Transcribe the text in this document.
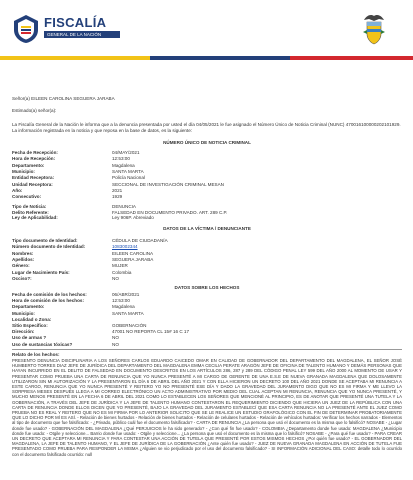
FISCALÍA
GENERAL DE LA NACIÓN

Señor(a) EILEEN CAROLINA SEGUERA JARABA

Estimado(a) señor(a):

La Fiscalía General de la Nación le informa que a la denuncia presentada por usted el día 04/05/2021 le fue asignado el Número Único de Noticia Criminal (NUNC) 470016100000202101929. La información registrada en la noticia y que reposa en la base de datos, es la siguiente:

NÚMERO ÚNICO DE NOTICIA CRIMINAL
Fecha de Recepción:	04/MAY/2021
Hora de Recepción:	12:53:00
Departamento:	Magdalena
Municipio:	SANTA MARTA
Entidad Receptora:	Policía Nacional
Unidad Receptora:	SECCIONAL DE INVESTIGACIÓN CRIMINAL MESAN
Año:	2021
Consecutivo:	1929
Tipo de Noticia:	DENUNCIA
Delito Referente:	FALSEDAD EN DOCUMENTO PRIVADO. ART. 289 C.P.
Ley de Aplicabilidad:	Ley 906P. Abreviado
DATOS DE LA VÍCTIMA / DENUNCIANTE
Tipo documento de Identidad:	CÉDULA DE CIUDADANÍA
Número documento de Identidad:	1083002344
Nombres:	EILEEN CAROLINA
Apellidos:	SEGUERA JARABA
Género:	MUJER
Lugar de Nacimiento País:	Colombia
Occiso?:	NO
DATOS SOBRE LOS HECHOS
Fecha de comisión de los hechos:	06/ABR/2021
Hora de comisión de los hechos:	12:53:00
Departamento:	Magdalena
Municipio:	SANTA MARTA
Localidad o Zona:
Sitio Específico:	GOBERNACIÓN
Dirección:	47001 NO REPORTA CL 15# 16 C 17
Uso de armas ?	NO
Uso de sustancias tóxicas?	NO
Relato de los hechos:
PRESENTO DENUNCIA DISCIPLINARIA A LOS SEÑORES CARLOS EDUARDO CAICEDO OMAR EN CALIDAD DE GOBERNADOR DEL DEPARTAMENTO DEL MAGDALENA, EL SEÑOR JOSÉ HUMBERTO TORRES DIAZ JEFE DE JURÍDICA DEL DEPARTAMENTO DEL MAGDALENA EMMA CECILIA PERATE ARAGÓN JEFE DE OFICINA DE TALENTO HUMANO Y DEMÁS PERSONAS QUE HAYAN INCURRIDO EN EL DELITO DE FALSEDAD EN DOCUMENTO DESCRITOS EN LOS ARTÍCULOS 286, 287 y 289 DEL CÓDIGO PENAL LEY 599 DEL AÑO 2000 AL MOMENTO DE USAR Y PRESENTAR COMO PRUEBA UNA CARTA DE RENUNCIA QUE YO NUNCA PRESENTÉ A MI CARGO DE GERENTE DE UNA E.S.E DE NUEVA GRANADA MAGDALENA QUE DOLOSAMENTE UTILIZARON SIN MI AUTORIZACIÓN Y LA PRESENTARON EL DÍA 6 DE ABRIL DEL AÑO 2021 Y CON ELLA HICIERON UN DECRETO 100 DEL AÑO 2021 DONDE SE ACEPTABA MI RENUNCIA A ESTE CARGO, RENUNCIA QUE YO NUNCA PRESENTÉ Y REITERO YO NO PRESENTÉ ESE DÍA Y DADO LA GRAVEDAD DEL JURAMENTO DIGO QUE NO ES MI FIRMA Y ME LLEVO LA SORPRESA MESES DESPUÉS LLEGA A MI CORREO ELECTRÓNICO UN ACTO ADMINISTRATIVO POR MEDIO DEL CUAL ACEPTAN MI RENUNCIA, RENUNCIA QUE YO NUNCA PRESENTÉ, Y MUCHO MENOS PRESENTÉ EN LA FECHA 6 DE ABRIL DEL 2021 COMO LO ESTABLECEN LOS SEÑORES QUE MENCIONÉ AL PRINCIPIO, ES DE ANOTAR QUE PRESENTÉ UNA TUTELA Y LA GOBERNACIÓN, A TRAVÉS DEL JEFE DE JURÍDICA Y LA JEFE DE TALENTO HUMANO CONTESTARON EL REQUERIMIENTO DICIENDO QUE HICIERA UN JUEZ DE LA REPÚBLICA CON UNA CARTA DE RENUNCIA DONDE ELLOS DICEN QUE YO PRESENTÉ, BAJO LA GRAVEDAD DEL JURAMENTO ESTABLECÍ QUE ESA CARTA RENUNCIA NO LA PRESENTÉ ANTE EL JUEZ COMO PRUEBA NO ES REAL Y REITERO QUE NO ES MI FIRMA POR LO ANTERIOR SOLICITO QUE SE LE REALICE UN ESTUDIO GRAFOLÓGICO CON EL FIN DE DETERMINAR PROBATORIAMENTE QUE LO DICHO POR MÍ ES ASÍ. - Relación de bienes hurtados - Relación de bienes hurtados - Relación de celulares hurtados - Relación de vehículos hurtados: Verificar los hechos narrados - Elementos al tipo de documento que fue falsificado: - ¿Privado, público cuál fue el documento falsificado? - CARTA DE RENUNCIA ¿La persona que usó el documento es la misma que lo falsificó? NOSABE - ¿Lugar donde fue usado? - GOBERNACIÓN DEL MAGDALENA ¿Qué PERJUICIOS le ha sido generado? - ¿Con qué fin fue usado? - COLOMBIA ¿Departamento donde fue usado: MAGDALENA ¿Municipio donde fue usado: - Otgile y seleccione... Barrio donde fue usado: - Otgile y seleccione... ¿La persona que usó el documento es la misma que lo falsificó? NOSABE - ¿Para qué fue usado? - PARA CREAR UN DECRETO QUE ACEPTARA MI RENUNCIA Y PARA CONTESTAR UNA ACCIÓN DE TUTELA QUE PRESENTÉ POR ESTOS MISMOS HECHOS ¿Por quién fue usado? - EL GOBERNADOR DEL MAGDALENA, LA JEFE DE TALENTO HUMANO, Y EL JEFE DE JURÍDICA DE LA GOBERNACIÓN ¿Ante quién fue usado? - JUEZ DE NUEVA GRANADA MAGDALENA EN ACCIÓN DE TUTELA FUE PRESENTADO COMO PRUEBA PARA RESPONDER LA MISMA ¿Alguien se vio perjudicado por el uso del documento falsificado? - SI INFORMACIÓN ADICIONAL DEL CASO: detalle todo lo ocurrido con el documento falsificado ocurrido: null
